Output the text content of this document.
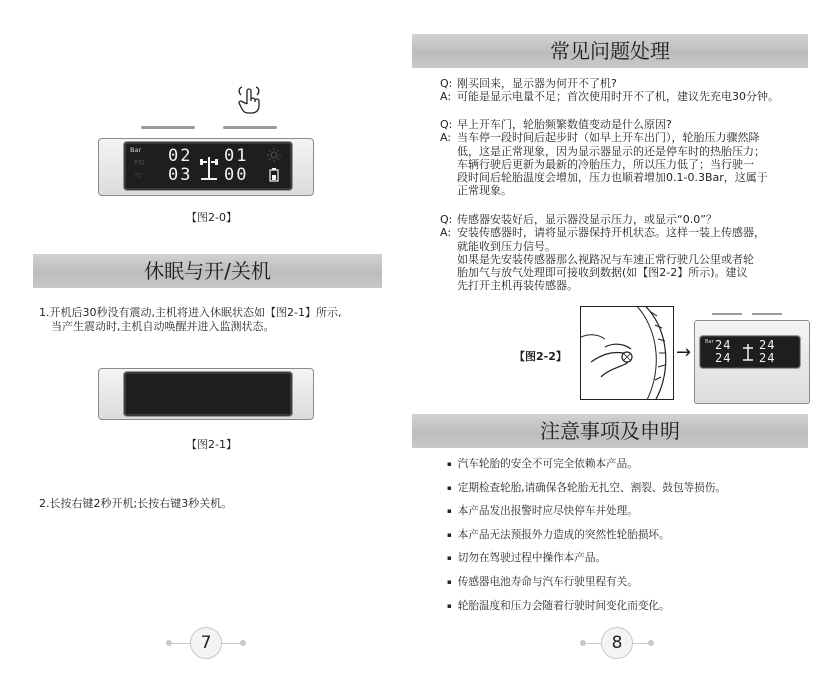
Bar
PSI
℃
02 01
03 00
【图2-0】
休眠与开/关机
1.开机后30秒没有震动,主机将进入休眠状态如【图2-1】所示,
当产生震动时,主机自动唤醒并进入监测状态。
【图2-1】
2.长按右键2秒开机;长按右键3秒关机。
7
常见问题处理
Q: 刚买回来，显示器为何开不了机?
A: 可能是显示电量不足；首次使用时开不了机，建议先充电30分钟。
Q: 早上开车门，轮胎频繁数值变动是什么原因?
A: 当车停一段时间后起步时（如早上开车出门），轮胎压力骤然降
低，这是正常现象，因为显示器显示的还是停车时的热胎压力；
车辆行驶后更新为最新的冷胎压力，所以压力低了；当行驶一
段时间后轮胎温度会增加，压力也顺着增加0.1-0.3Bar，这属于
正常现象。
Q: 传感器安装好后，显示器没显示压力，或显示“0.0”？
A: 安装传感器时，请将显示器保持开机状态。这样一装上传感器，
就能收到压力信号。
如果是先安装传感器那么视路况与车速正常行驶几公里或者轮
胎加气与放气处理即可接收到数据(如【图2-2】所示)。建议
先打开主机再装传感器。
【图2-2】	→	Bar 24 24
24 24
注意事项及申明
▪ 汽车轮胎的安全不可完全依赖本产品。
▪ 定期检查轮胎,请确保各轮胎无扎空、割裂、鼓包等损伤。
▪ 本产品发出报警时应尽快停车并处理。
▪ 本产品无法预报外力造成的突然性轮胎损坏。
▪ 切勿在驾驶过程中操作本产品。
▪ 传感器电池寿命与汽车行驶里程有关。
▪ 轮胎温度和压力会随着行驶时间变化而变化。
8
